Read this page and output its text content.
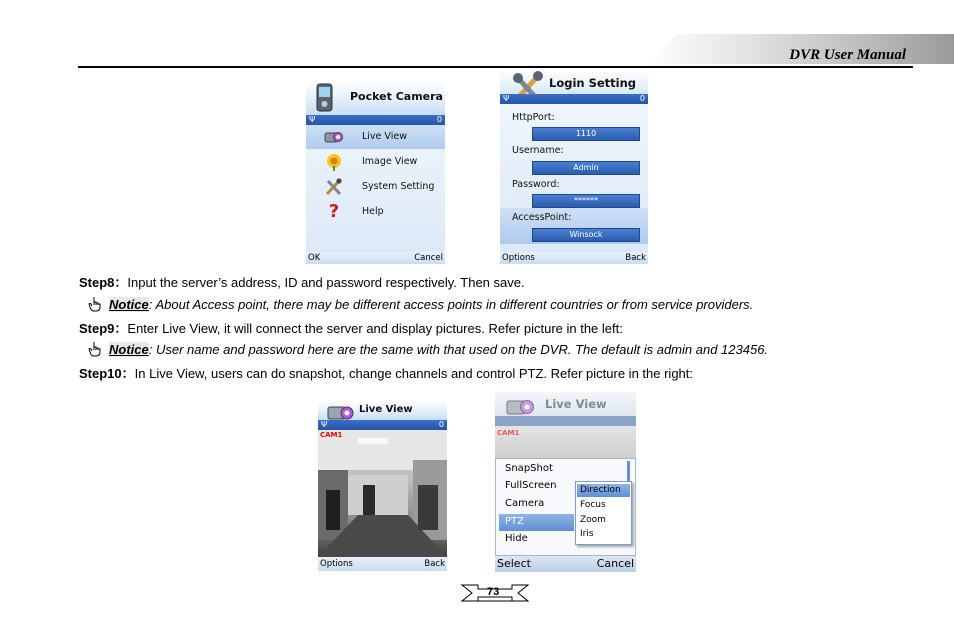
DVR User Manual
Pocket Camera
Ψ	0
Live View
Image View
System Setting
?	Help
OK	Cancel
Login Setting
Ψ	0
HttpPort:
1110
Username:
Admin
Password:
******
AccessPoint:
Winsock
Options	Back
Step8：Input the server’s address, ID and password respectively. Then save.
Notice: About Access point, there may be different access points in different countries or from service providers.
Step9：Enter Live View, it will connect the server and display pictures. Refer picture in the left:
Notice: User name and password here are the same with that used on the DVR. The default is admin and 123456.
Step10：In Live View, users can do snapshot, change channels and control PTZ. Refer picture in the right:
Live View
Ψ	0
CAM1
Options	Back
Live View
CAM1
SnapShot
FullScreen
Camera
PTZ
Hide
Direction
Focus
Zoom
Iris
Select	Cancel
73
